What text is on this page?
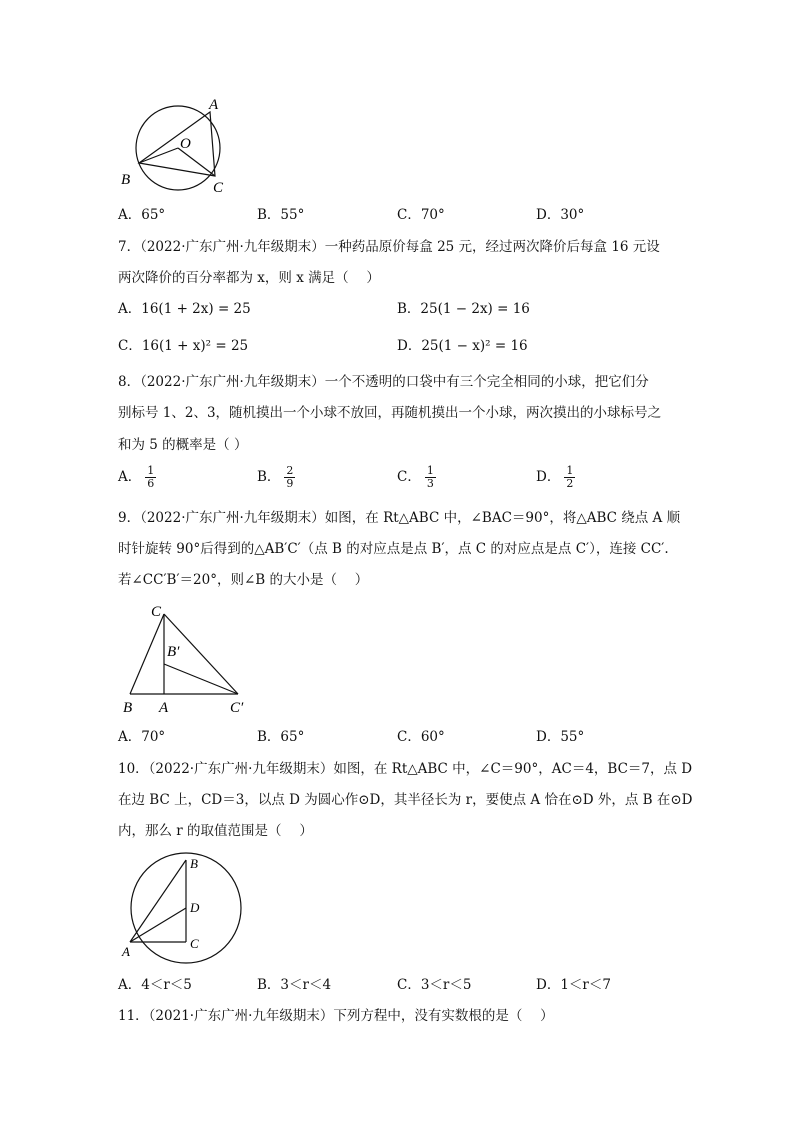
A
O
B	C
A．65°	B．55°	C．70°	D．30°
7．（2022·广东广州·九年级期末）一种药品原价每盒 25 元，经过两次降价后每盒 16 元设
两次降价的百分率都为 x，则 x 满足（　 ）
A．16(1 + 2x) = 25	B．25(1 − 2x) = 16
C．16(1 + x)² = 25	D．25(1 − x)² = 16
8．（2022·广东广州·九年级期末）一个不透明的口袋中有三个完全相同的小球，把它们分
别标号 1、2、3，随机摸出一个小球不放回，再随机摸出一个小球，两次摸出的小球标号之
和为 5 的概率是（ ）
A． $\frac{1}{6}$	B． $\frac{2}{9}$	C． $\frac{1}{3}$	D． $\frac{1}{2}$
9．（2022·广东广州·九年级期末）如图，在 Rt△ABC 中，∠BAC＝90°，将△ABC 绕点 A 顺
时针旋转 90°后得到的△AB′C′（点 B 的对应点是点 B′，点 C 的对应点是点 C′），连接 CC′.
若∠CC′B′＝20°，则∠B 的大小是（　 ）
C
B′
B A	C′
A．70°	B．65°	C．60°	D．55°
10．（2022·广东广州·九年级期末）如图，在 Rt△ABC 中，∠C＝90°，AC＝4，BC＝7，点 D
在边 BC 上，CD＝3，以点 D 为圆心作⊙D，其半径长为 r，要使点 A 恰在⊙D 外，点 B 在⊙D
内，那么 r 的取值范围是（　 ）
B
D
A
C
A．4＜r＜5	B．3＜r＜4	C．3＜r＜5	D．1＜r＜7
11．（2021·广东广州·九年级期末）下列方程中，没有实数根的是（　 ）
